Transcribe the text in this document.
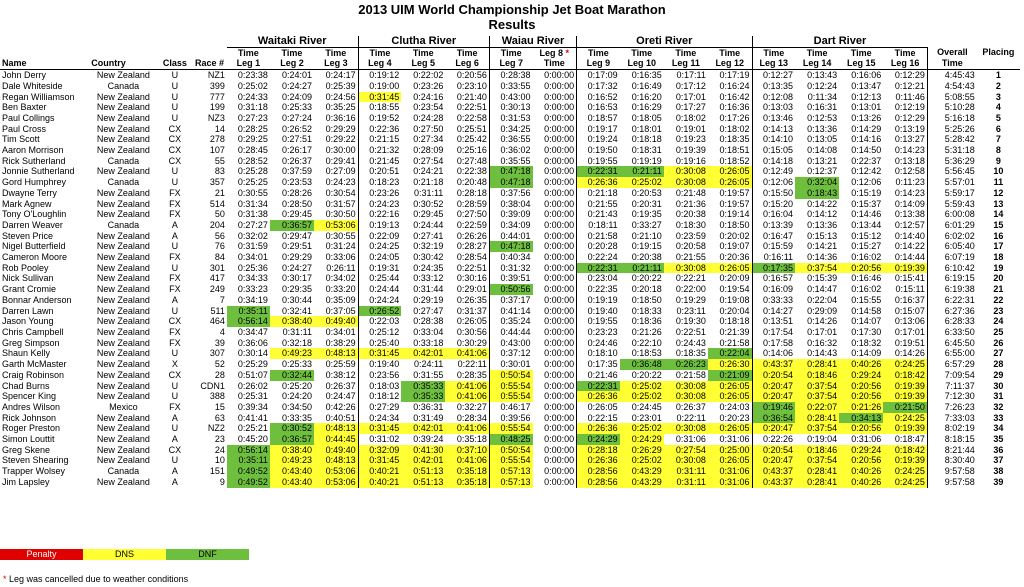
2013 UIM World Championship Jet Boat Marathon
Results
				Waitaki River			Clutha River			Waiau River		Oreti River				Dart River					
				Time	Time	Time	Time	Time	Time	Time	Leg 8 *	Time	Time	Time	Time	Time	Time	Time	Time	Overall	Placing
Name	Country	Class	Race #	Leg 1	Leg 2	Leg 3	Leg 4	Leg 5	Leg 6	Leg 7	Time	Leg 9	Leg 10	Leg 11	Leg 12	Leg 13	Leg 14	Leg 15	Leg 16	Time	
John Derry	New Zealand	U	NZ1	0:23:38	0:24:01	0:24:17	0:19:12	0:22:02	0:20:56	0:28:38	0:00:00	0:17:09	0:16:35	0:17:11	0:17:19	0:12:27	0:13:43	0:16:06	0:12:29	4:45:43	1
Dale Whiteside	Canada	U	399	0:25:02	0:24:27	0:25:39	0:19:00	0:23:26	0:23:10	0:33:55	0:00:00	0:17:32	0:16:49	0:17:12	0:16:24	0:13:35	0:12:24	0:13:47	0:12:21	4:54:43	2
Regan Williamson	New Zealand	U	777	0:24:33	0:24:09	0:24:56	0:31:45	0:24:16	0:21:40	0:43:00	0:00:00	0:16:52	0:16:20	0:17:01	0:16:42	0:12:08	0:11:34	0:12:13	0:11:46	5:08:55	3
Ben Baxter	New Zealand	U	199	0:31:18	0:25:33	0:35:25	0:18:55	0:23:54	0:22:51	0:30:13	0:00:00	0:16:53	0:16:29	0:17:27	0:16:36	0:13:03	0:16:31	0:13:01	0:12:19	5:10:28	4
Paul Collings	New Zealand	U	NZ3	0:27:23	0:27:24	0:36:16	0:19:52	0:24:28	0:22:58	0:31:53	0:00:00	0:18:57	0:18:05	0:18:02	0:17:26	0:13:46	0:12:53	0:13:26	0:12:29	5:16:18	5
Paul Cross	New Zealand	CX	14	0:28:25	0:26:52	0:29:29	0:22:36	0:27:50	0:25:51	0:34:25	0:00:00	0:19:17	0:18:01	0:19:01	0:18:02	0:14:13	0:13:36	0:14:29	0:13:19	5:25:26	6
Tim Scott	New Zealand	CX	278	0:29:25	0:27:51	0:29:22	0:21:15	0:27:34	0:25:42	0:36:55	0:00:00	0:19:24	0:18:18	0:19:23	0:18:35	0:14:10	0:13:05	0:14:16	0:13:27	5:28:42	7
Aaron Morrison	New Zealand	CX	107	0:28:45	0:26:17	0:30:00	0:21:32	0:28:09	0:25:16	0:36:02	0:00:00	0:19:50	0:18:31	0:19:39	0:18:51	0:15:05	0:14:08	0:14:50	0:14:23	5:31:18	8
Rick Sutherland	Canada	CX	55	0:28:52	0:26:37	0:29:41	0:21:45	0:27:54	0:27:48	0:35:55	0:00:00	0:19:55	0:19:19	0:19:16	0:18:52	0:14:18	0:13:21	0:22:37	0:13:18	5:36:29	9
Jonnie Sutherland	New Zealand	U	83	0:25:28	0:37:59	0:27:09	0:20:51	0:24:21	0:22:38	0:47:18	0:00:00	0:22:31	0:21:11	0:30:08	0:26:05	0:12:49	0:12:37	0:12:42	0:12:58	5:56:45	10
Gord Humphrey	Canada	U	357	0:25:25	0:23:53	0:24:23	0:18:23	0:21:18	0:20:48	0:47:18	0:00:00	0:26:36	0:25:02	0:30:08	0:26:05	0:12:06	0:32:04	0:12:06	0:11:23	5:57:01	11
Dwayne Terry	New Zealand	FX	21	0:30:55	0:28:26	0:30:54	0:23:26	0:31:11	0:28:18	0:37:56	0:00:00	0:21:18	0:20:53	0:21:48	0:19:57	0:15:50	0:18:43	0:15:19	0:14:23	5:59:17	12
Mark Agnew	New Zealand	FX	514	0:31:34	0:28:50	0:31:57	0:24:23	0:30:52	0:28:59	0:38:04	0:00:00	0:21:55	0:20:31	0:21:36	0:19:57	0:15:20	0:14:22	0:15:37	0:14:09	5:59:43	13
Tony O'Loughlin	New Zealand	FX	50	0:31:38	0:29:45	0:30:50	0:22:16	0:29:45	0:27:50	0:39:09	0:00:00	0:21:43	0:19:35	0:20:38	0:19:14	0:16:04	0:14:12	0:14:46	0:13:38	6:00:08	14
Darren Weaver	Canada	A	204	0:27:27	0:36:57	0:53:06	0:19:13	0:24:44	0:22:59	0:34:09	0:00:00	0:18:11	0:33:27	0:18:30	0:18:50	0:13:39	0:13:36	0:13:44	0:12:57	6:01:29	15
Steven Price	New Zealand	A	56	0:32:02	0:29:47	0:30:55	0:22:09	0:27:41	0:26:26	0:44:01	0:00:00	0:21:58	0:21:10	0:23:59	0:20:02	0:16:47	0:15:13	0:15:12	0:14:40	6:02:02	16
Nigel Butterfield	New Zealand	U	76	0:31:59	0:29:51	0:31:24	0:24:25	0:32:19	0:28:27	0:47:18	0:00:00	0:20:28	0:19:15	0:20:58	0:19:07	0:15:59	0:14:21	0:15:27	0:14:22	6:05:40	17
Cameron Moore	New Zealand	FX	84	0:34:01	0:29:29	0:33:06	0:24:05	0:30:42	0:28:54	0:40:34	0:00:00	0:22:24	0:20:38	0:21:55	0:20:36	0:16:11	0:14:36	0:16:02	0:14:44	6:07:19	18
Rob Pooley	New Zealand	U	301	0:25:36	0:24:27	0:26:11	0:19:31	0:24:35	0:22:51	0:31:32	0:00:00	0:22:31	0:21:11	0:30:08	0:26:05	0:17:35	0:37:54	0:20:56	0:19:39	6:10:42	19
Nick Sullivan	New Zealand	FX	417	0:34:33	0:30:17	0:34:02	0:25:44	0:33:12	0:30:16	0:39:51	0:00:00	0:23:04	0:20:22	0:22:21	0:20:09	0:16:57	0:15:39	0:16:46	0:15:41	6:19:15	20
Grant Cromie	New Zealand	FX	249	0:33:23	0:29:35	0:33:20	0:24:44	0:31:44	0:29:01	0:50:56	0:00:00	0:22:35	0:20:18	0:22:00	0:19:54	0:16:09	0:14:47	0:16:02	0:15:11	6:19:38	21
Bonnar Anderson	New Zealand	A	7	0:34:19	0:30:44	0:35:09	0:24:24	0:29:19	0:26:35	0:37:17	0:00:00	0:19:19	0:18:50	0:19:29	0:19:08	0:33:33	0:22:04	0:15:55	0:16:37	6:22:31	22
Darren Lawn	New Zealand	U	511	0:35:11	0:32:41	0:37:05	0:26:52	0:27:47	0:31:37	0:41:14	0:00:00	0:19:40	0:18:33	0:23:11	0:20:04	0:14:27	0:29:09	0:14:58	0:15:07	6:27:36	23
Jason Young	New Zealand	CX	464	0:56:14	0:38:40	0:49:40	0:22:03	0:28:38	0:26:05	0:35:24	0:00:00	0:19:55	0:18:36	0:19:30	0:18:18	0:13:51	0:14:26	0:14:07	0:13:06	6:28:33	24
Chris Campbell	New Zealand	FX	4	0:34:47	0:31:11	0:34:01	0:25:12	0:33:04	0:30:56	0:44:44	0:00:00	0:23:23	0:21:26	0:22:51	0:21:39	0:17:54	0:17:01	0:17:30	0:17:01	6:33:50	25
Greg Simpson	New Zealand	FX	39	0:36:06	0:32:18	0:38:29	0:25:40	0:33:18	0:30:29	0:43:00	0:00:00	0:24:46	0:22:10	0:24:43	0:21:58	0:17:58	0:16:32	0:18:32	0:19:51	6:45:50	26
Shaun Kelly	New Zealand	U	307	0:30:14	0:49:23	0:48:13	0:31:45	0:42:01	0:41:06	0:37:12	0:00:00	0:18:10	0:18:53	0:18:35	0:22:04	0:14:06	0:14:43	0:14:09	0:14:26	6:55:00	27
Garth McMaster	New Zealand	X	52	0:25:29	0:25:33	0:25:59	0:19:40	0:24:11	0:22:11	0:30:01	0:00:00	0:17:35	0:36:48	0:26:23	0:26:30	0:43:37	0:28:41	0:40:26	0:24:25	6:57:29	28
Craig Robinson	New Zealand	CX	28	0:51:07	0:32:44	0:38:12	0:23:56	0:31:55	0:28:35	0:50:54	0:00:00	0:21:46	0:20:22	0:21:58	0:21:09	0:20:54	0:18:46	0:29:24	0:18:42	7:09:54	29
Chad Burns	New Zealand	U	CDN1	0:26:02	0:25:20	0:26:37	0:18:03	0:35:33	0:41:06	0:55:54	0:00:00	0:22:31	0:25:02	0:30:08	0:26:05	0:20:47	0:37:54	0:20:56	0:19:39	7:11:37	30
Spencer King	New Zealand	U	388	0:25:31	0:24:20	0:24:47	0:18:12	0:35:33	0:41:06	0:55:54	0:00:00	0:26:36	0:25:02	0:30:08	0:26:05	0:20:47	0:37:54	0:20:56	0:19:39	7:12:30	31
Andres Wilson	Mexico	FX	15	0:39:34	0:34:50	0:42:26	0:27:29	0:36:31	0:32:27	0:46:17	0:00:00	0:26:05	0:24:45	0:26:37	0:24:03	0:19:46	0:22:07	0:21:26	0:21:50	7:26:23	32
Rick Johnson	New Zealand	A	63	0:41:41	0:33:35	0:40:51	0:24:34	0:31:49	0:28:34	0:39:56	0:00:00	0:22:15	0:23:01	0:22:11	0:20:23	0:36:54	0:28:41	0:34:13	0:24:25	7:33:03	33
Roger Preston	New Zealand	U	NZ2	0:25:21	0:30:52	0:48:13	0:31:45	0:42:01	0:41:06	0:55:54	0:00:00	0:26:36	0:25:02	0:30:08	0:26:05	0:20:47	0:37:54	0:20:56	0:19:39	8:02:19	34
Simon Louttit	New Zealand	A	23	0:45:20	0:36:57	0:44:45	0:31:02	0:39:24	0:35:18	0:48:25	0:00:00	0:24:29	0:24:29	0:31:06	0:31:06	0:22:26	0:19:04	0:31:06	0:18:47	8:18:15	35
Greg Skene	New Zealand	CX	24	0:56:14	0:38:40	0:49:40	0:32:09	0:41:30	0:37:10	0:50:54	0:00:00	0:28:18	0:26:29	0:27:54	0:25:00	0:20:54	0:18:46	0:29:24	0:18:42	8:21:44	36
Steven Shearing	New Zealand	U	10	0:35:11	0:49:23	0:48:13	0:31:45	0:42:01	0:41:06	0:55:54	0:00:00	0:26:36	0:25:02	0:30:08	0:26:05	0:20:47	0:37:54	0:20:56	0:19:39	8:30:40	37
Trapper Wolsey	Canada	A	151	0:49:52	0:43:40	0:53:06	0:40:21	0:51:13	0:35:18	0:57:13	0:00:00	0:28:56	0:43:29	0:31:11	0:31:06	0:43:37	0:28:41	0:40:26	0:24:25	9:57:58	38
Jim Lapsley	New Zealand	A	9	0:49:52	0:43:40	0:53:06	0:40:21	0:51:13	0:35:18	0:57:13	0:00:00	0:28:56	0:43:29	0:31:11	0:31:06	0:43:37	0:28:41	0:40:26	0:24:25	9:57:58	39
Penalty	DNS	DNF
* Leg was cancelled due to weather conditions
